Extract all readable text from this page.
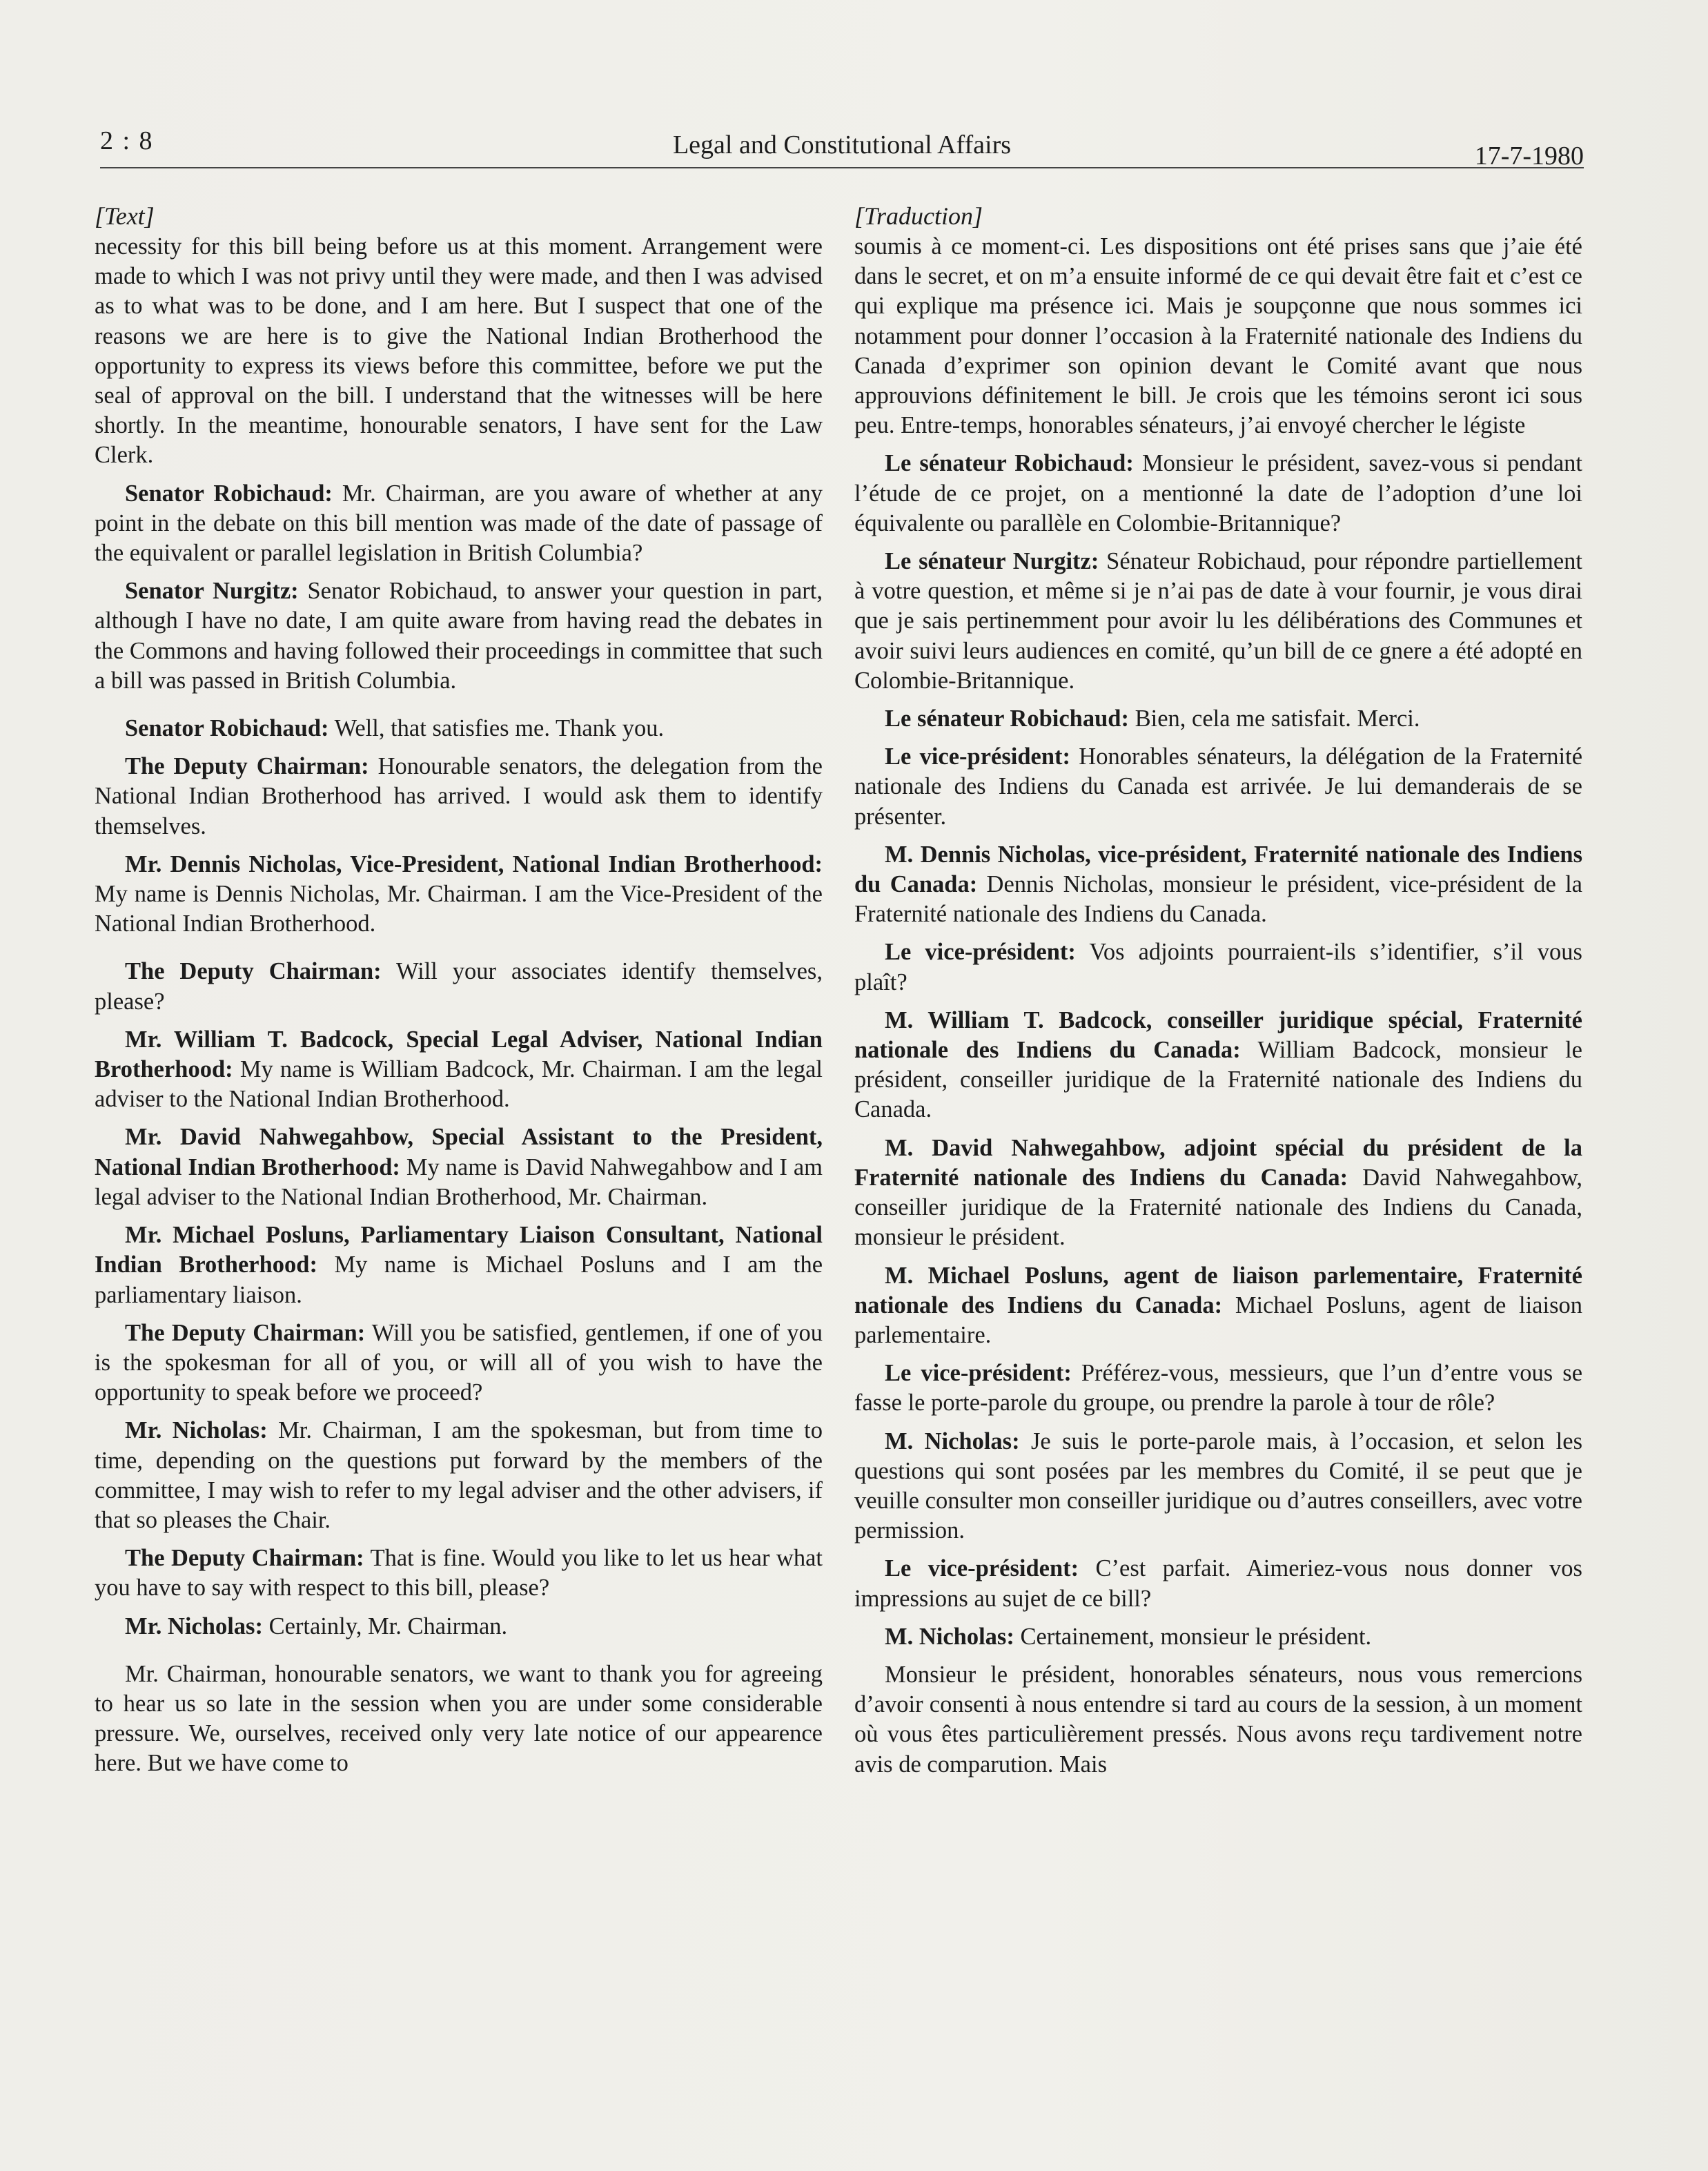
2 : 8	Legal and Constitutional Affairs	17-7-1980
[Text]

necessity for this bill being before us at this moment. Arrangement were made to which I was not privy until they were made, and then I was advised as to what was to be done, and I am here. But I suspect that one of the reasons we are here is to give the National Indian Brotherhood the opportunity to express its views before this committee, before we put the seal of approval on the bill. I understand that the witnesses will be here shortly. In the meantime, honourable senators, I have sent for the Law Clerk.

Senator Robichaud: Mr. Chairman, are you aware of whether at any point in the debate on this bill mention was made of the date of passage of the equivalent or parallel legislation in British Columbia?

Senator Nurgitz: Senator Robichaud, to answer your question in part, although I have no date, I am quite aware from having read the debates in the Commons and having followed their proceedings in committee that such a bill was passed in British Columbia.

Senator Robichaud: Well, that satisfies me. Thank you.

The Deputy Chairman: Honourable senators, the delegation from the National Indian Brotherhood has arrived. I would ask them to identify themselves.

Mr. Dennis Nicholas, Vice-President, National Indian Brotherhood: My name is Dennis Nicholas, Mr. Chairman. I am the Vice-President of the National Indian Brotherhood.

The Deputy Chairman: Will your associates identify themselves, please?

Mr. William T. Badcock, Special Legal Adviser, National Indian Brotherhood: My name is William Badcock, Mr. Chairman. I am the legal adviser to the National Indian Brotherhood.

Mr. David Nahwegahbow, Special Assistant to the President, National Indian Brotherhood: My name is David Nahwegahbow and I am legal adviser to the National Indian Brotherhood, Mr. Chairman.

Mr. Michael Posluns, Parliamentary Liaison Consultant, National Indian Brotherhood: My name is Michael Posluns and I am the parliamentary liaison.

The Deputy Chairman: Will you be satisfied, gentlemen, if one of you is the spokesman for all of you, or will all of you wish to have the opportunity to speak before we proceed?

Mr. Nicholas: Mr. Chairman, I am the spokesman, but from time to time, depending on the questions put forward by the members of the committee, I may wish to refer to my legal adviser and the other advisers, if that so pleases the Chair.

The Deputy Chairman: That is fine. Would you like to let us hear what you have to say with respect to this bill, please?

Mr. Nicholas: Certainly, Mr. Chairman.

Mr. Chairman, honourable senators, we want to thank you for agreeing to hear us so late in the session when you are under some considerable pressure. We, ourselves, received only very late notice of our appearence here. But we have come to

[Traduction]

soumis à ce moment-ci. Les dispositions ont été prises sans que j’aie été dans le secret, et on m’a ensuite informé de ce qui devait être fait et c’est ce qui explique ma présence ici. Mais je soupçonne que nous sommes ici notamment pour donner l’occasion à la Fraternité nationale des Indiens du Canada d’exprimer son opinion devant le Comité avant que nous approuvions définitement le bill. Je crois que les témoins seront ici sous peu. Entre-temps, honorables sénateurs, j’ai envoyé chercher le légiste

Le sénateur Robichaud: Monsieur le président, savez-vous si pendant l’étude de ce projet, on a mentionné la date de l’adoption d’une loi équivalente ou parallèle en Colombie-Britannique?

Le sénateur Nurgitz: Sénateur Robichaud, pour répondre partiellement à votre question, et même si je n’ai pas de date à vour fournir, je vous dirai que je sais pertinemment pour avoir lu les délibérations des Communes et avoir suivi leurs audiences en comité, qu’un bill de ce gnere a été adopté en Colombie-Britannique.

Le sénateur Robichaud: Bien, cela me satisfait. Merci.

Le vice-président: Honorables sénateurs, la délégation de la Fraternité nationale des Indiens du Canada est arrivée. Je lui demanderais de se présenter.

M. Dennis Nicholas, vice-président, Fraternité nationale des Indiens du Canada: Dennis Nicholas, monsieur le président, vice-président de la Fraternité nationale des Indiens du Canada.

Le vice-président: Vos adjoints pourraient-ils s’identifier, s’il vous plaît?

M. William T. Badcock, conseiller juridique spécial, Fraternité nationale des Indiens du Canada: William Badcock, monsieur le président, conseiller juridique de la Fraternité nationale des Indiens du Canada.

M. David Nahwegahbow, adjoint spécial du président de la Fraternité nationale des Indiens du Canada: David Nahwegahbow, conseiller juridique de la Fraternité nationale des Indiens du Canada, monsieur le président.

M. Michael Posluns, agent de liaison parlementaire, Fraternité nationale des Indiens du Canada: Michael Posluns, agent de liaison parlementaire.

Le vice-président: Préférez-vous, messieurs, que l’un d’entre vous se fasse le porte-parole du groupe, ou prendre la parole à tour de rôle?

M. Nicholas: Je suis le porte-parole mais, à l’occasion, et selon les questions qui sont posées par les membres du Comité, il se peut que je veuille consulter mon conseiller juridique ou d’autres conseillers, avec votre permission.

Le vice-président: C’est parfait. Aimeriez-vous nous donner vos impressions au sujet de ce bill?

M. Nicholas: Certainement, monsieur le président.

Monsieur le président, honorables sénateurs, nous vous remercions d’avoir consenti à nous entendre si tard au cours de la session, à un moment où vous êtes particulièrement pressés. Nous avons reçu tardivement notre avis de comparution. Mais
